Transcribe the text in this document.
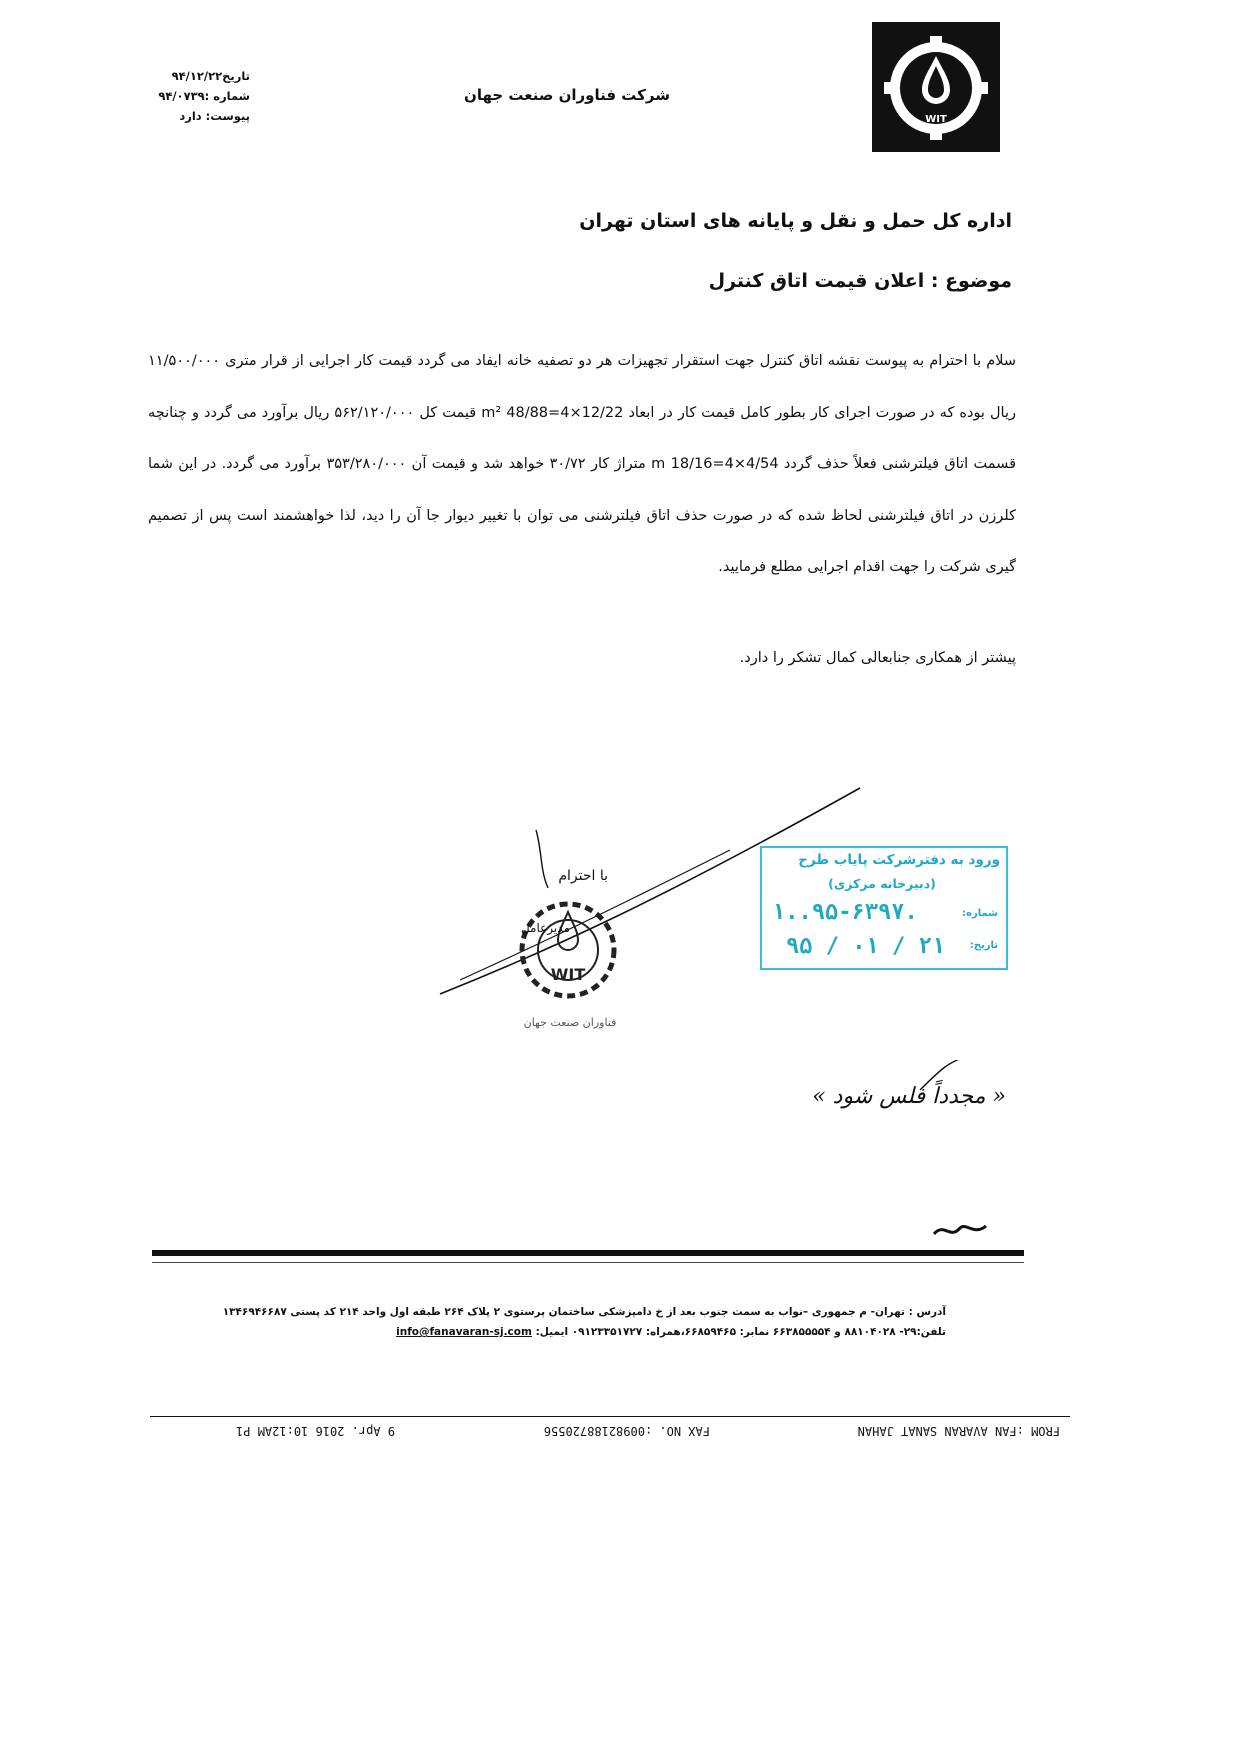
WIT
تاریخ۹۴/۱۲/۲۲
شماره :۹۴/۰۷۳۹
پیوست: دارد
شرکت فناوران صنعت جهان
اداره کل حمل و نقل و پایانه های استان تهران
موضوع : اعلان قیمت اتاق کنترل
سلام با احترام به پیوست نقشه اتاق کنترل جهت استقرار تجهیزات هر دو تصفیه خانه ایفاد می گردد قیمت کار اجرایی از قرار متری ۱۱/۵۰۰/۰۰۰ ریال بوده که در صورت اجرای کار بطور کامل قیمت کار در ابعاد 12/22×4=48/88 m² قیمت کل ۵۶۲/۱۲۰/۰۰۰ ریال برآورد می گردد و چنانچه قسمت اتاق فیلترشنی فعلاً حذف گردد 4/54×4=18/16 m متراژ کار ۳۰/۷۲ خواهد شد و قیمت آن ۳۵۳/۲۸۰/۰۰۰ برآورد می گردد. در این شما کلرزن در اتاق فیلترشنی لحاظ شده که در صورت حذف اتاق فیلترشنی می توان با تغییر دیوار جا آن را دید، لذا خواهشمند است پس از تصمیم گیری شرکت را جهت اقدام اجرایی مطلع فرمایید.
پیشتر از همکاری جنابعالی کمال تشکر را دارد.
WIT
با احترام
مدیرعامل
فناوران صنعت جهان
ورود به دفترشرکت پایاب طرح
(دبیرخانه مرکزی)
شماره:
۱..۹۵-۶۳۹۷.
تاریخ:
۹۵ / ۰۱ / ۲۱
« مجدداً فلس شود »
آدرس : تهران- م جمهوری –نواب به سمت جنوب بعد از خ دامپزشکی ساختمان پرستوی ۲ پلاک ۲۶۴ طبقه اول واحد ۲۱۴ کد پستی ۱۳۴۶۹۴۶۶۸۷
تلفن:۲۹- ۸۸۱۰۴۰۲۸ و ۶۶۳۸۵۵۵۵۴ نمابر: ۶۶۸۵۹۴۶۵،همراه: ۰۹۱۲۳۳۵۱۷۲۷ ایمیل: info@fanavaran-sj.com
FROM :FAN AVARAN SANAT JAHAN
FAX NO. :00982188720556
9 Apr. 2016 10:12AM P1
